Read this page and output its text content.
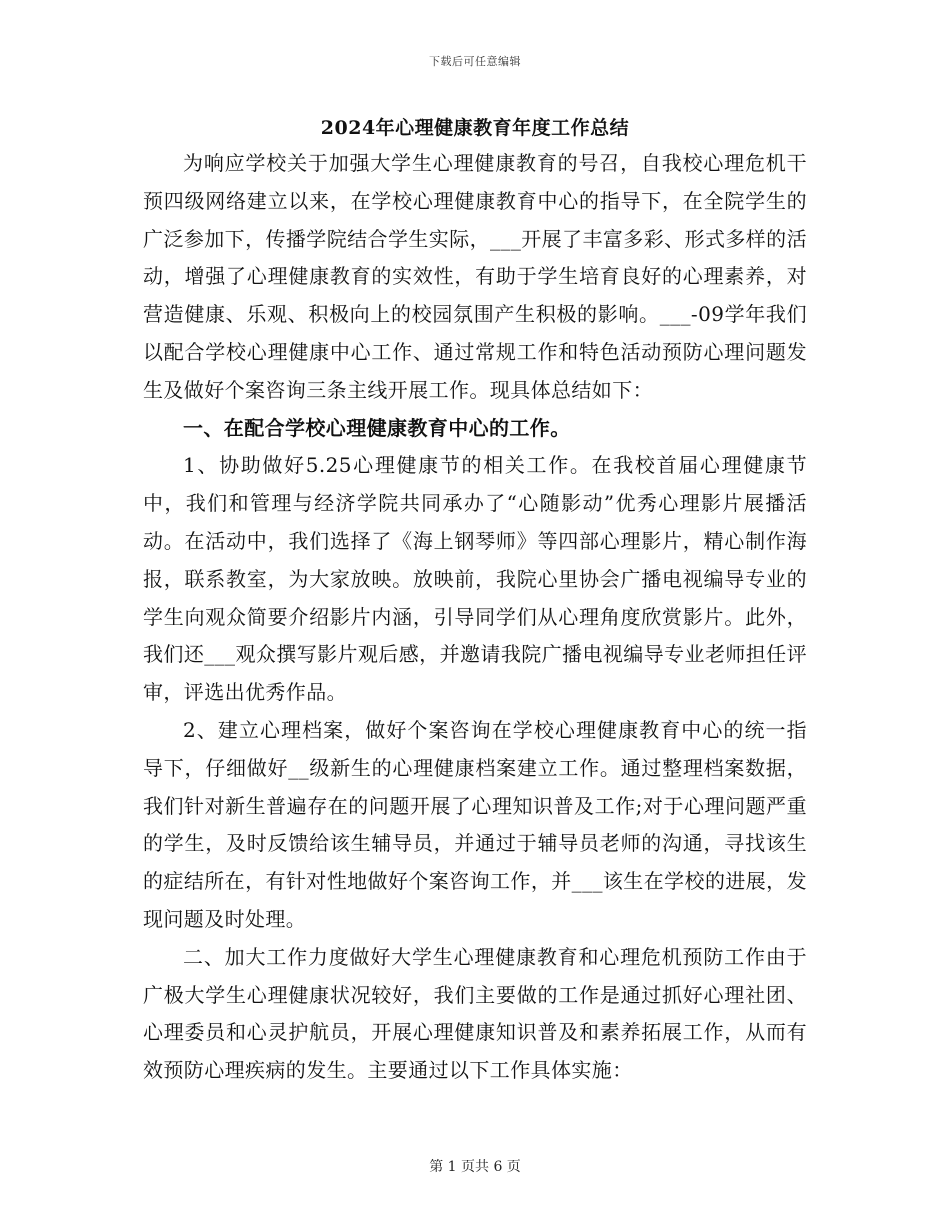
下载后可任意编辑
2024年心理健康教育年度工作总结

为响应学校关于加强大学生心理健康教育的号召，自我校心理危机干预四级网络建立以来，在学校心理健康教育中心的指导下，在全院学生的广泛参加下，传播学院结合学生实际，___开展了丰富多彩、形式多样的活动，增强了心理健康教育的实效性，有助于学生培育良好的心理素养，对营造健康、乐观、积极向上的校园氛围产生积极的影响。___-09学年我们以配合学校心理健康中心工作、通过常规工作和特色活动预防心理问题发生及做好个案咨询三条主线开展工作。现具体总结如下：

一、在配合学校心理健康教育中心的工作。

1、协助做好5.25心理健康节的相关工作。在我校首届心理健康节中，我们和管理与经济学院共同承办了“心随影动”优秀心理影片展播活动。在活动中，我们选择了《海上钢琴师》等四部心理影片，精心制作海报，联系教室，为大家放映。放映前，我院心里协会广播电视编导专业的学生向观众简要介绍影片内涵，引导同学们从心理角度欣赏影片。此外，我们还___观众撰写影片观后感，并邀请我院广播电视编导专业老师担任评审，评选出优秀作品。

2、建立心理档案，做好个案咨询在学校心理健康教育中心的统一指导下，仔细做好__级新生的心理健康档案建立工作。通过整理档案数据，我们针对新生普遍存在的问题开展了心理知识普及工作;对于心理问题严重的学生，及时反馈给该生辅导员，并通过于辅导员老师的沟通，寻找该生的症结所在，有针对性地做好个案咨询工作，并___该生在学校的进展，发现问题及时处理。

二、加大工作力度做好大学生心理健康教育和心理危机预防工作由于广极大学生心理健康状况较好，我们主要做的工作是通过抓好心理社团、心理委员和心灵护航员，开展心理健康知识普及和素养拓展工作，从而有效预防心理疾病的发生。主要通过以下工作具体实施：

第 1 页共 6 页
